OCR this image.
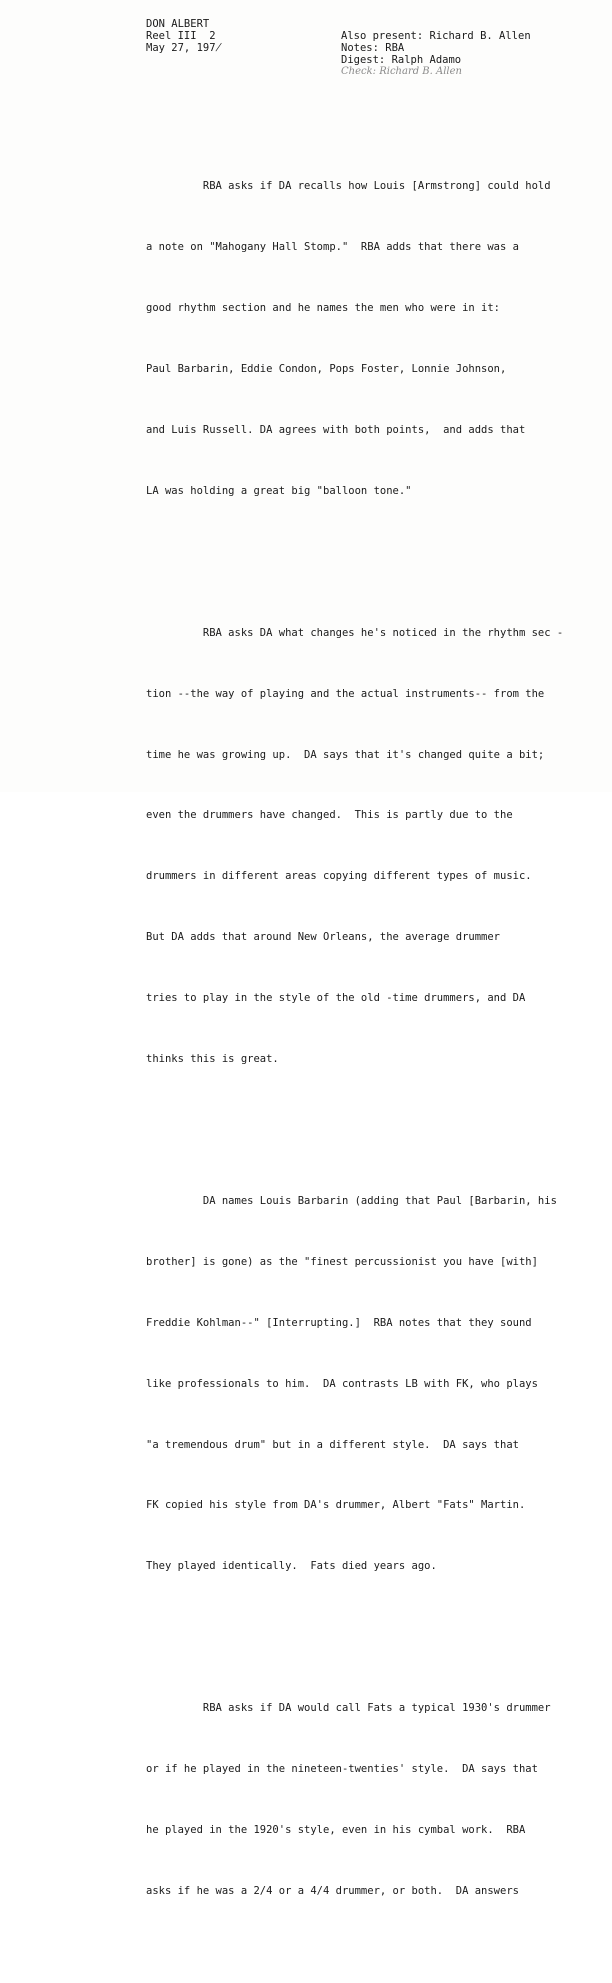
DON ALBERT
Reel III  2
May 27, 197̸
Also present: Richard B. Allen
Notes: RBA
Digest: Ralph Adamo
Check: Richard B. Allen

RBA asks if DA recalls how Louis [Armstrong] could hold

a note on "Mahogany Hall Stomp."  RBA adds that there was a

good rhythm section and he names the men who were in it:

Paul Barbarin, Eddie Condon, Pops Foster, Lonnie Johnson,

and Luis Russell. DA agrees with both points,  and adds that

LA was holding a great big "balloon tone."

RBA asks DA what changes he's noticed in the rhythm sec -

tion --the way of playing and the actual instruments-- from the

time he was growing up.  DA says that it's changed quite a bit;

even the drummers have changed.  This is partly due to the

drummers in different areas copying different types of music.

But DA adds that around New Orleans, the average drummer

tries to play in the style of the old -time drummers, and DA

thinks this is great.

DA names Louis Barbarin (adding that Paul [Barbarin, his

brother] is gone) as the "finest percussionist you have [with]

Freddie Kohlman--" [Interrupting.]  RBA notes that they sound

like professionals to him.  DA contrasts LB with FK, who plays

"a tremendous drum" but in a different style.  DA says that

FK copied his style from DA's drummer, Albert "Fats" Martin.

They played identically.  Fats died years ago.

RBA asks if DA would call Fats a typical 1930's drummer

or if he played in the nineteen-twenties' style.  DA says that

he played in the 1920's style, even in his cymbal work.  RBA

asks if he was a 2/4 or a 4/4 drummer, or both.  DA answers
